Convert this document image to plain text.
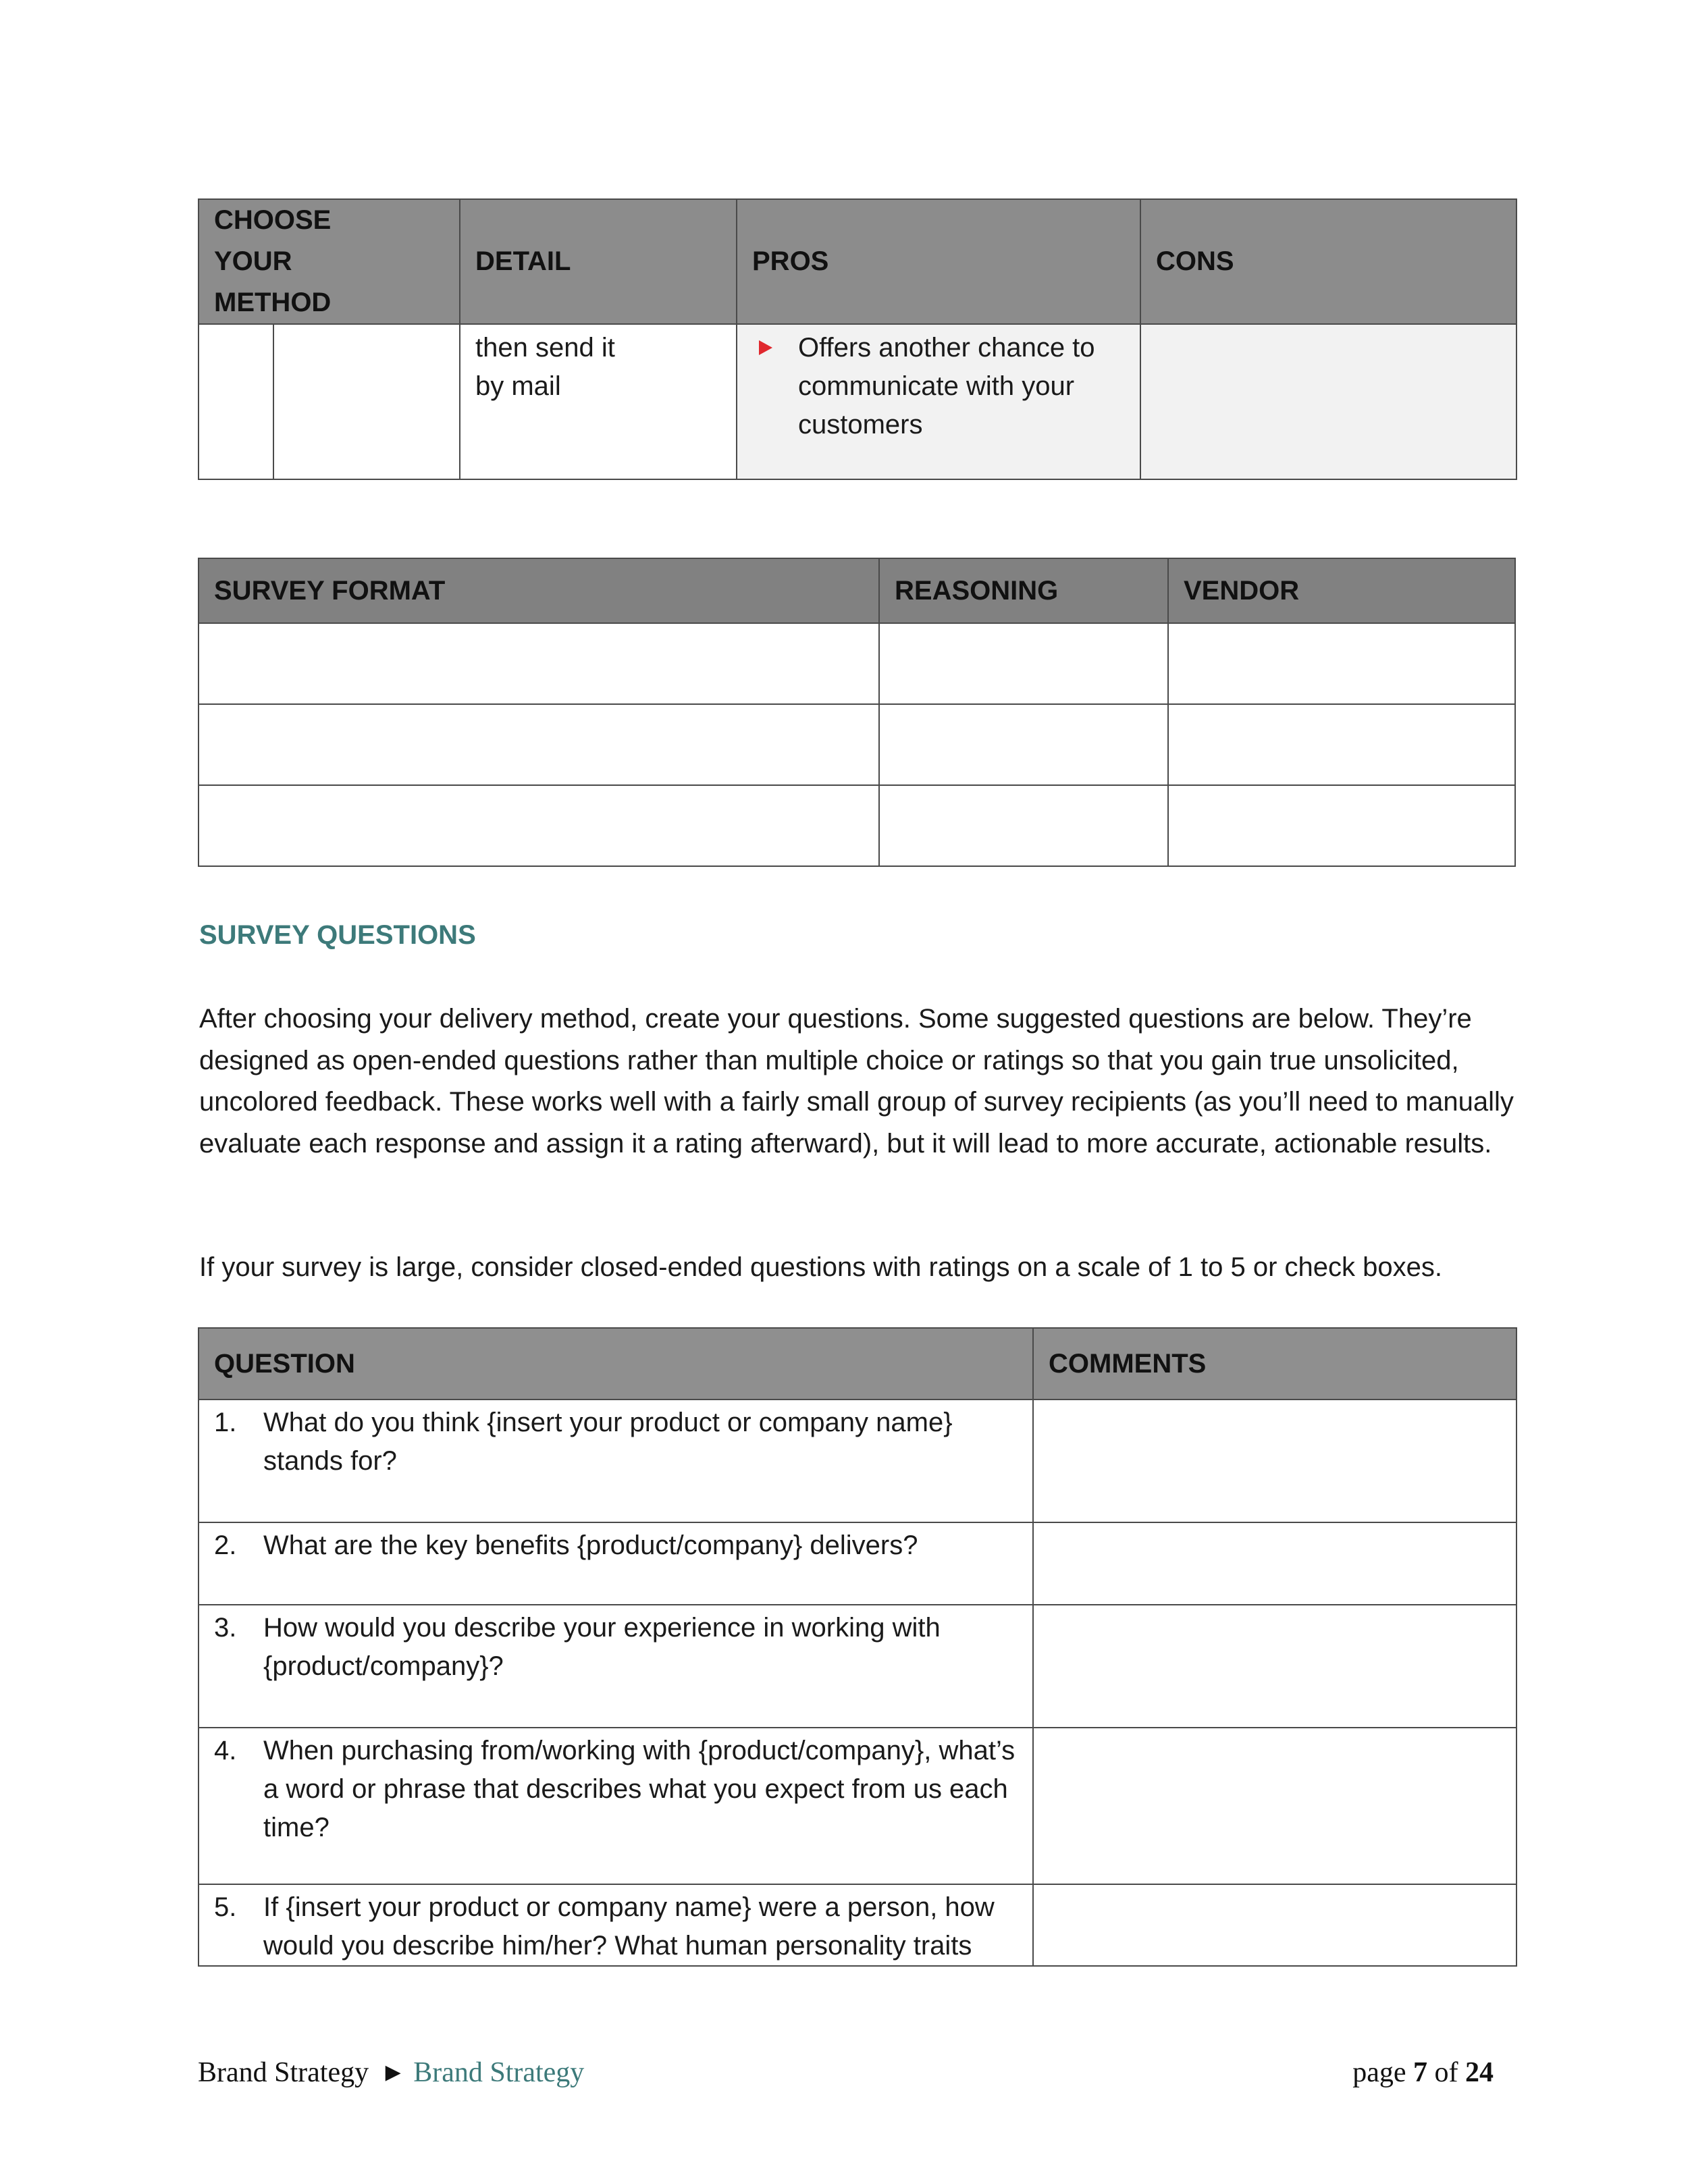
CHOOSE YOUR METHOD		DETAIL	PROS	CONS

		then send it by mail	Offers another chance to communicate with your customers	

SURVEY FORMAT	REASONING	VENDOR

SURVEY QUESTIONS
After choosing your delivery method, create your questions. Some suggested questions are below. They’re designed as open-ended questions rather than multiple choice or ratings so that you gain true unsolicited, uncolored feedback. These works well with a fairly small group of survey recipients (as you’ll need to manually evaluate each response and assign it a rating afterward), but it will lead to more accurate, actionable results.
If your survey is large, consider closed-ended questions with ratings on a scale of 1 to 5 or check boxes.
QUESTION	COMMENTS

1. What do you think {insert your product or company name} stands for?	

2. What are the key benefits {product/company} delivers?	

3. How would you describe your experience in working with {product/company}?	

4. When purchasing from/working with {product/company}, what’s a word or phrase that describes what you expect from us each time?	

5. If {insert your product or company name} were a person, how would you describe him/her? What human personality traits	

Brand Strategy ▶ Brand Strategy	page 7 of 24
